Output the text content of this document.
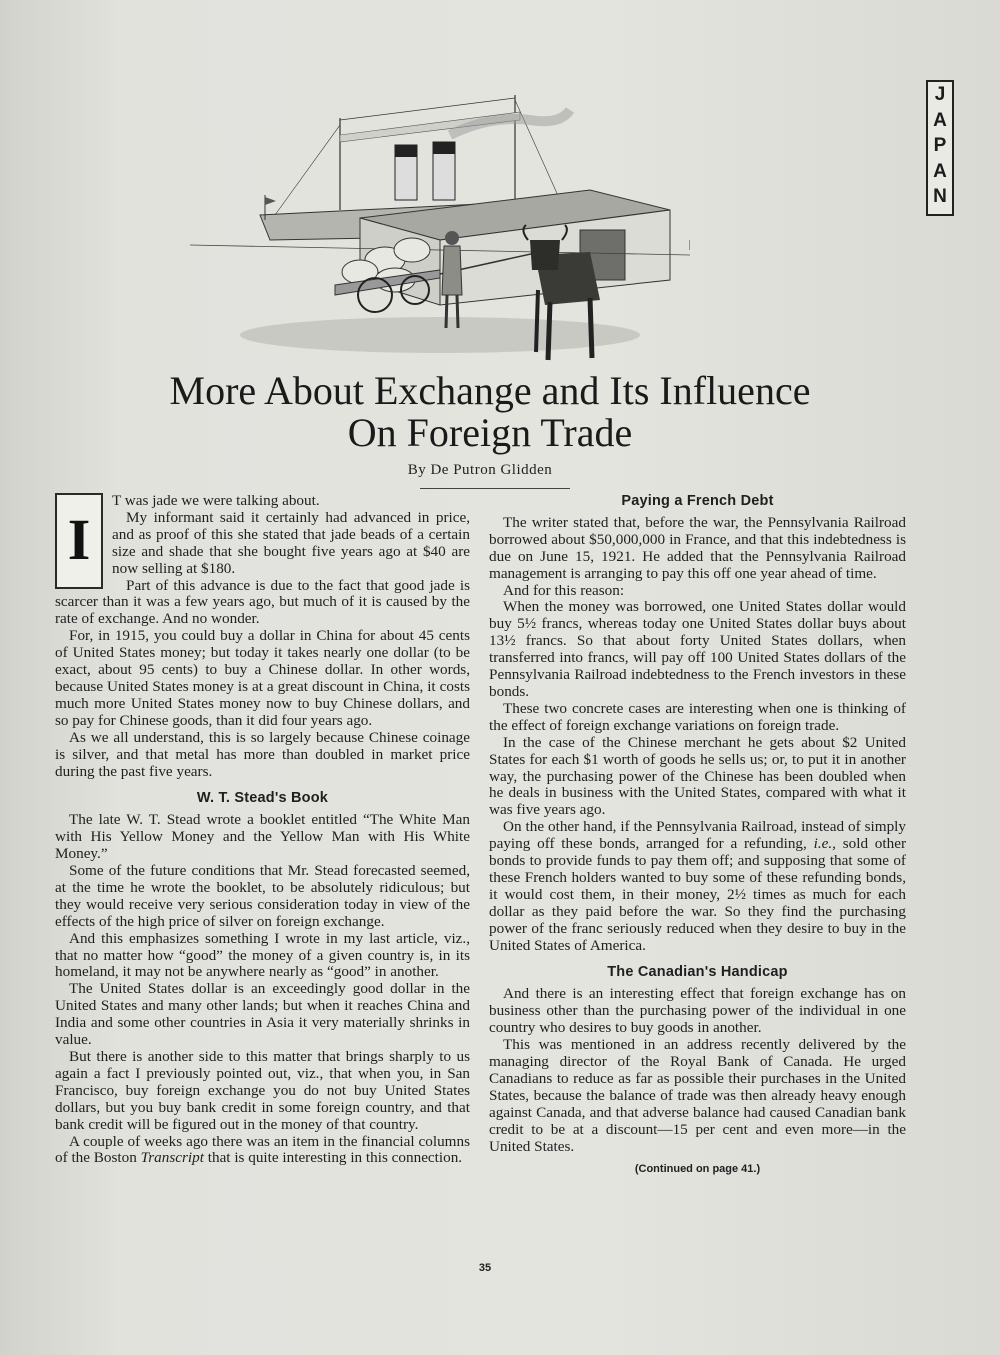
J
A
P
A
N
More About Exchange and Its Influence
On Foreign Trade
By De Putron Glidden
I

T was jade we were talking about.

My informant said it certainly had advanced in price, and as proof of this she stated that jade beads of a certain size and shade that she bought five years ago at $40 are now selling at $180.

Part of this advance is due to the fact that good jade is scarcer than it was a few years ago, but much of it is caused by the rate of exchange. And no wonder.

For, in 1915, you could buy a dollar in China for about 45 cents of United States money; but today it takes nearly one dollar (to be exact, about 95 cents) to buy a Chinese dollar. In other words, because United States money is at a great discount in China, it costs much more United States money now to buy Chinese dollars, and so pay for Chinese goods, than it did four years ago.

As we all understand, this is so largely because Chinese coinage is silver, and that metal has more than doubled in market price during the past five years.

W. T. Stead's Book

The late W. T. Stead wrote a booklet entitled “The White Man with His Yellow Money and the Yellow Man with His White Money.”

Some of the future conditions that Mr. Stead forecasted seemed, at the time he wrote the booklet, to be absolutely ridiculous; but they would receive very serious consideration today in view of the effects of the high price of silver on foreign exchange.

And this emphasizes something I wrote in my last article, viz., that no matter how “good” the money of a given country is, in its homeland, it may not be anywhere nearly as “good” in another.

The United States dollar is an exceedingly good dollar in the United States and many other lands; but when it reaches China and India and some other countries in Asia it very materially shrinks in value.

But there is another side to this matter that brings sharply to us again a fact I previously pointed out, viz., that when you, in San Francisco, buy foreign exchange you do not buy United States dollars, but you buy bank credit in some foreign country, and that bank credit will be figured out in the money of that country.

A couple of weeks ago there was an item in the financial columns of the Boston Transcript that is quite interesting in this connection.

Paying a French Debt

The writer stated that, before the war, the Pennsylvania Railroad borrowed about $50,000,000 in France, and that this indebtedness is due on June 15, 1921. He added that the Pennsylvania Railroad management is arranging to pay this off one year ahead of time.

And for this reason:

When the money was borrowed, one United States dollar would buy 5½ francs, whereas today one United States dollar buys about 13½ francs. So that about forty United States dollars, when transferred into francs, will pay off 100 United States dollars of the Pennsylvania Railroad indebtedness to the French investors in these bonds.

These two concrete cases are interesting when one is thinking of the effect of foreign exchange variations on foreign trade.

In the case of the Chinese merchant he gets about $2 United States for each $1 worth of goods he sells us; or, to put it in another way, the purchasing power of the Chinese has been doubled when he deals in business with the United States, compared with what it was five years ago.

On the other hand, if the Pennsylvania Railroad, instead of simply paying off these bonds, arranged for a refunding, i.e., sold other bonds to provide funds to pay them off; and supposing that some of these French holders wanted to buy some of these refunding bonds, it would cost them, in their money, 2½ times as much for each dollar as they paid before the war. So they find the purchasing power of the franc seriously reduced when they desire to buy in the United States of America.

The Canadian's Handicap

And there is an interesting effect that foreign exchange has on business other than the purchasing power of the individual in one country who desires to buy goods in another.

This was mentioned in an address recently delivered by the managing director of the Royal Bank of Canada. He urged Canadians to reduce as far as possible their purchases in the United States, because the balance of trade was then already heavy enough against Canada, and that adverse balance had caused Canadian bank credit to be at a discount—15 per cent and even more—in the United States.

(Continued on page 41.)
35
